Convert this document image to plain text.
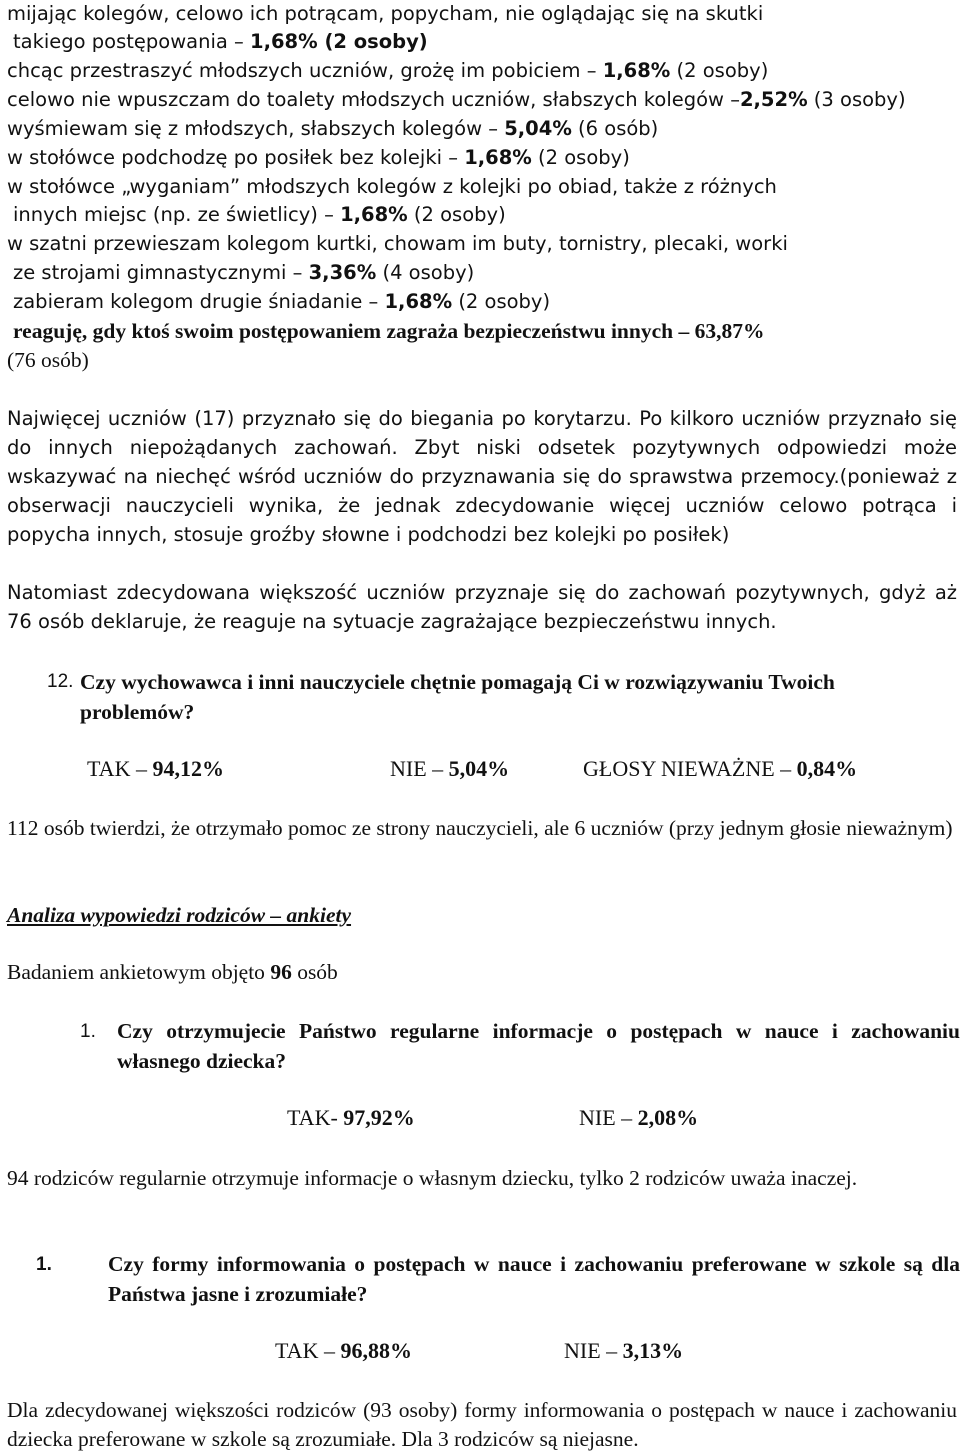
mijając kolegów, celowo ich potrącam, popycham, nie oglądając się na skutki
takiego postępowania – 1,68% (2 osoby)
chcąc przestraszyć młodszych uczniów, grożę im pobiciem – 1,68% (2 osoby)
celowo nie wpuszczam do toalety młodszych uczniów, słabszych kolegów –2,52% (3 osoby)
wyśmiewam się z młodszych, słabszych kolegów – 5,04% (6 osób)
w stołówce podchodzę po posiłek bez kolejki – 1,68% (2 osoby)
w stołówce „wyganiam” młodszych kolegów z kolejki po obiad, także z różnych
innych miejsc (np. ze świetlicy) – 1,68% (2 osoby)
w szatni przewieszam kolegom kurtki, chowam im buty, tornistry, plecaki, worki
ze strojami gimnastycznymi – 3,36% (4 osoby)
zabieram kolegom drugie śniadanie – 1,68% (2 osoby)
reaguję, gdy ktoś swoim postępowaniem zagraża bezpieczeństwu innych – 63,87%
(76 osób)
Najwięcej uczniów (17) przyznało się do biegania po korytarzu. Po kilkoro uczniów przyznało się do innych niepożądanych zachowań. Zbyt niski odsetek pozytywnych odpowiedzi może wskazywać na niechęć wśród uczniów do przyznawania się do sprawstwa przemocy.(ponieważ z obserwacji nauczycieli wynika, że jednak zdecydowanie więcej uczniów celowo potrąca i popycha innych, stosuje groźby słowne i podchodzi bez kolejki po posiłek)
Natomiast zdecydowana większość uczniów przyznaje się do zachowań pozytywnych, gdyż aż 76 osób deklaruje, że reaguje na sytuacje zagrażające bezpieczeństwu innych.
12. Czy wychowawca i inni nauczyciele chętnie pomagają Ci w rozwiązywaniu Twoich problemów?
TAK – 94,12%	NIE – 5,04%	GŁOSY NIEWAŻNE – 0,84%
112 osób twierdzi, że otrzymało pomoc ze strony nauczycieli, ale 6 uczniów (przy jednym głosie nieważnym)
Analiza wypowiedzi rodziców – ankiety
Badaniem ankietowym objęto 96 osób
1. Czy otrzymujecie Państwo regularne informacje o postępach w nauce i zachowaniu własnego dziecka?
TAK- 97,92%	NIE – 2,08%
94 rodziców regularnie otrzymuje informacje o własnym dziecku, tylko 2 rodziców uważa inaczej.
1.	Czy formy informowania o postępach w nauce i zachowaniu preferowane w szkole są dla Państwa jasne i zrozumiałe?
TAK – 96,88%	NIE – 3,13%
Dla zdecydowanej większości rodziców (93 osoby) formy informowania o postępach w nauce i zachowaniu dziecka preferowane w szkole są zrozumiałe. Dla 3 rodziców są niejasne.
